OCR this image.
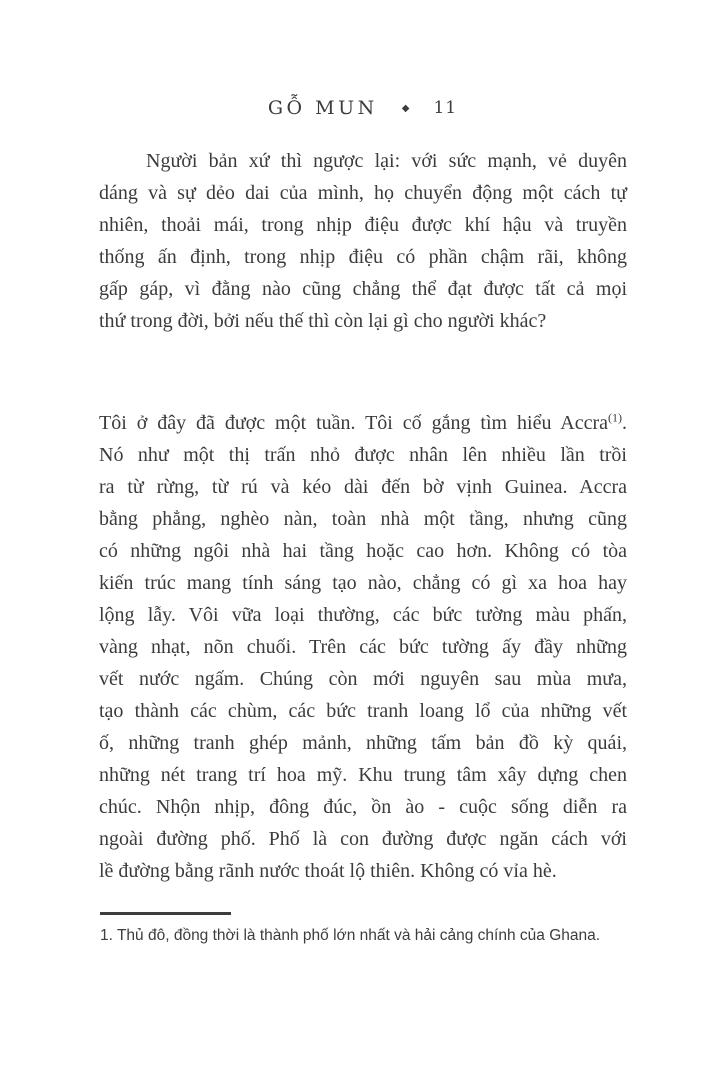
GỖ MUN ◆ 11
Người bản xứ thì ngược lại: với sức mạnh, vẻ duyên
dáng và sự dẻo dai của mình, họ chuyển động một cách tự
nhiên, thoải mái, trong nhịp điệu được khí hậu và truyền
thống ấn định, trong nhịp điệu có phần chậm rãi, không
gấp gáp, vì đằng nào cũng chẳng thể đạt được tất cả mọi
thứ trong đời, bởi nếu thế thì còn lại gì cho người khác?
Tôi ở đây đã được một tuần. Tôi cố gắng tìm hiểu Accra$^{(1)}$.
Nó như một thị trấn nhỏ được nhân lên nhiều lần trồi
ra từ rừng, từ rú và kéo dài đến bờ vịnh Guinea. Accra
bằng phẳng, nghèo nàn, toàn nhà một tầng, nhưng cũng
có những ngôi nhà hai tầng hoặc cao hơn. Không có tòa
kiến trúc mang tính sáng tạo nào, chẳng có gì xa hoa hay
lộng lẫy. Vôi vữa loại thường, các bức tường màu phấn,
vàng nhạt, nõn chuối. Trên các bức tường ấy đầy những
vết nước ngấm. Chúng còn mới nguyên sau mùa mưa,
tạo thành các chùm, các bức tranh loang lổ của những vết
ố, những tranh ghép mảnh, những tấm bản đồ kỳ quái,
những nét trang trí hoa mỹ. Khu trung tâm xây dựng chen
chúc. Nhộn nhịp, đông đúc, ồn ào - cuộc sống diễn ra
ngoài đường phố. Phố là con đường được ngăn cách với
lề đường bằng rãnh nước thoát lộ thiên. Không có vỉa hè.
1. Thủ đô, đồng thời là thành phố lớn nhất và hải cảng chính của Ghana.
